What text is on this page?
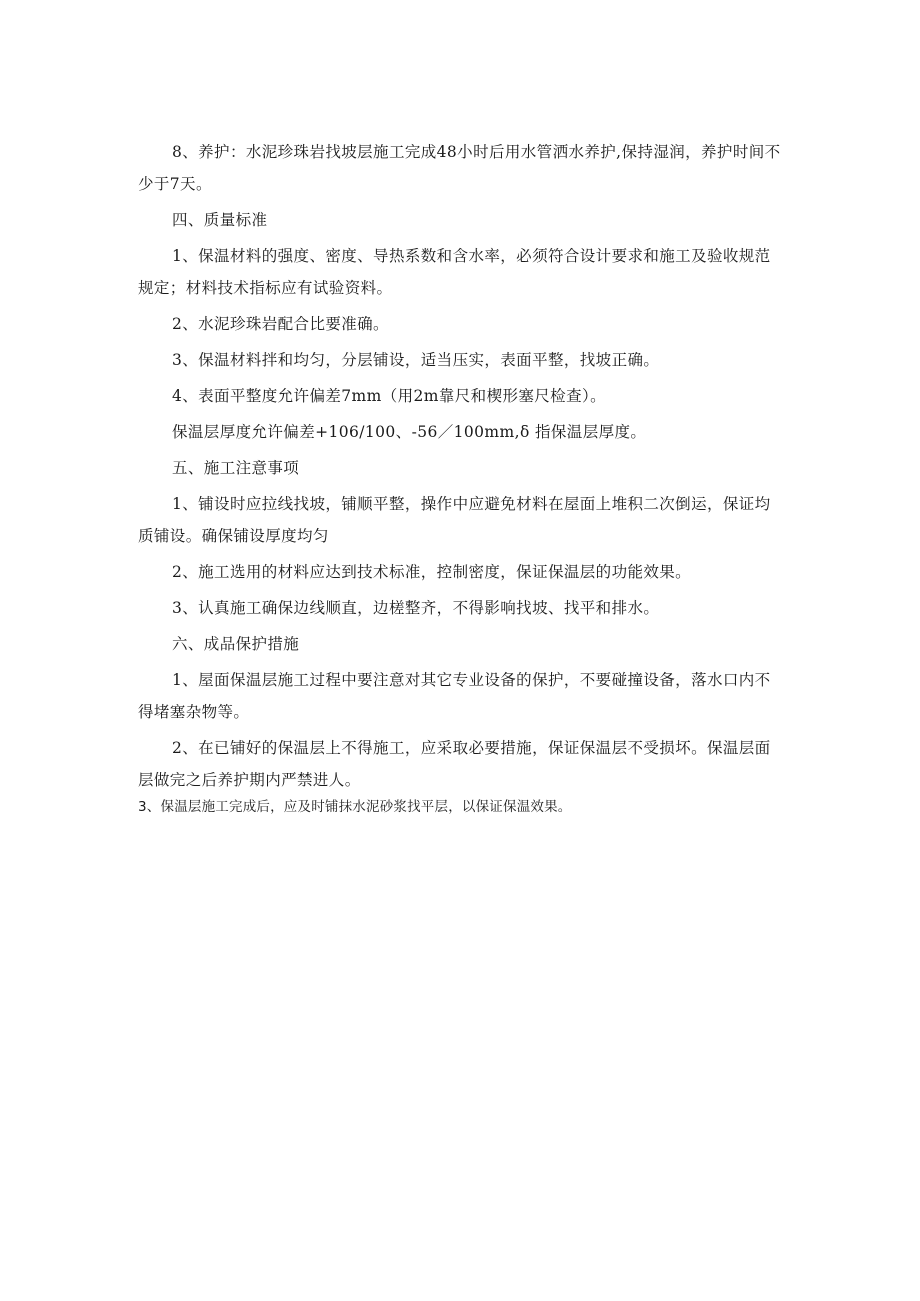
8、养护：水泥珍珠岩找坡层施工完成48小时后用水管洒水养护,保持湿润，养护时间不少于7天。

四、质量标准

1、保温材料的强度、密度、导热系数和含水率，必须符合设计要求和施工及验收规范规定；材料技术指标应有试验资料。

2、水泥珍珠岩配合比要准确。

3、保温材料拌和均匀，分层铺设，适当压实，表面平整，找坡正确。

4、表面平整度允许偏差7mm（用2m靠尺和楔形塞尺检查）。

保温层厚度允许偏差+106/100、-56／100mm,δ 指保温层厚度。

五、施工注意事项

1、铺设时应拉线找坡，铺顺平整，操作中应避免材料在屋面上堆积二次倒运，保证均质铺设。确保铺设厚度均匀

2、施工选用的材料应达到技术标准，控制密度，保证保温层的功能效果。

3、认真施工确保边线顺直，边槎整齐，不得影响找坡、找平和排水。

六、成品保护措施

1、屋面保温层施工过程中要注意对其它专业设备的保护，不要碰撞设备，落水口内不得堵塞杂物等。

2、在已铺好的保温层上不得施工，应采取必要措施，保证保温层不受损坏。保温层面层做完之后养护期内严禁进人。

3、保温层施工完成后，应及时铺抹水泥砂浆找平层，以保证保温效果。
